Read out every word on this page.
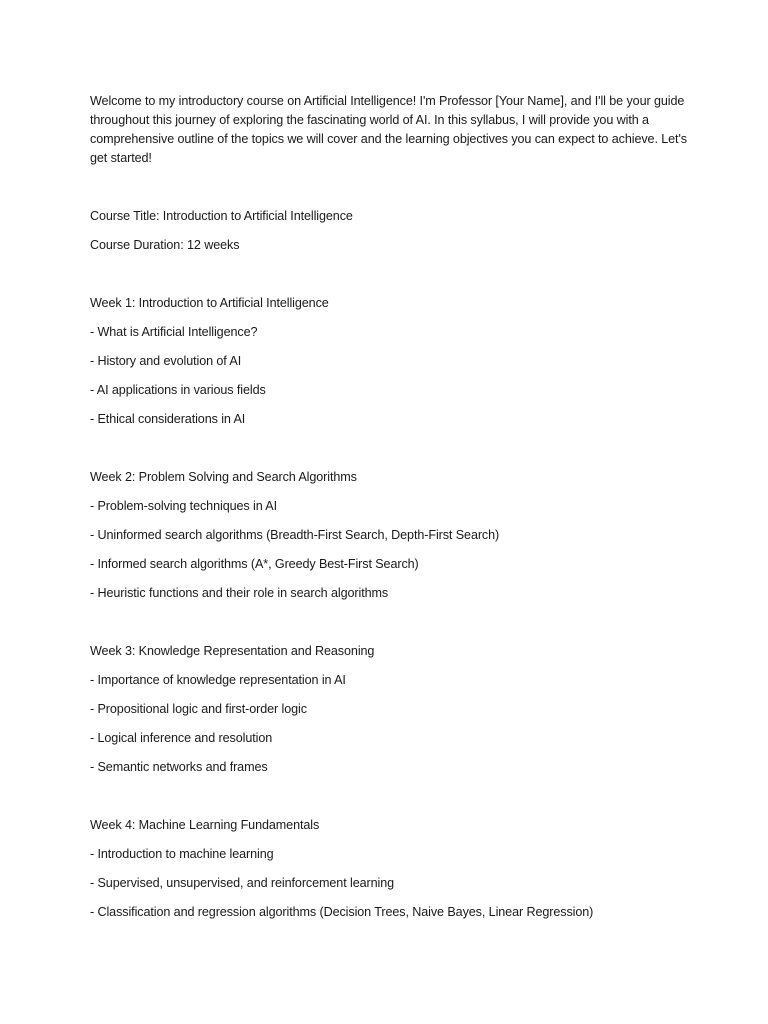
Welcome to my introductory course on Artificial Intelligence! I'm Professor [Your Name], and I'll be your guide throughout this journey of exploring the fascinating world of AI. In this syllabus, I will provide you with a comprehensive outline of the topics we will cover and the learning objectives you can expect to achieve. Let's get started!

Course Title: Introduction to Artificial Intelligence

Course Duration: 12 weeks

Week 1: Introduction to Artificial Intelligence

- What is Artificial Intelligence?

- History and evolution of AI

- AI applications in various fields

- Ethical considerations in AI

Week 2: Problem Solving and Search Algorithms

- Problem-solving techniques in AI

- Uninformed search algorithms (Breadth-First Search, Depth-First Search)

- Informed search algorithms (A*, Greedy Best-First Search)

- Heuristic functions and their role in search algorithms

Week 3: Knowledge Representation and Reasoning

- Importance of knowledge representation in AI

- Propositional logic and first-order logic

- Logical inference and resolution

- Semantic networks and frames

Week 4: Machine Learning Fundamentals

- Introduction to machine learning

- Supervised, unsupervised, and reinforcement learning

- Classification and regression algorithms (Decision Trees, Naive Bayes, Linear Regression)
